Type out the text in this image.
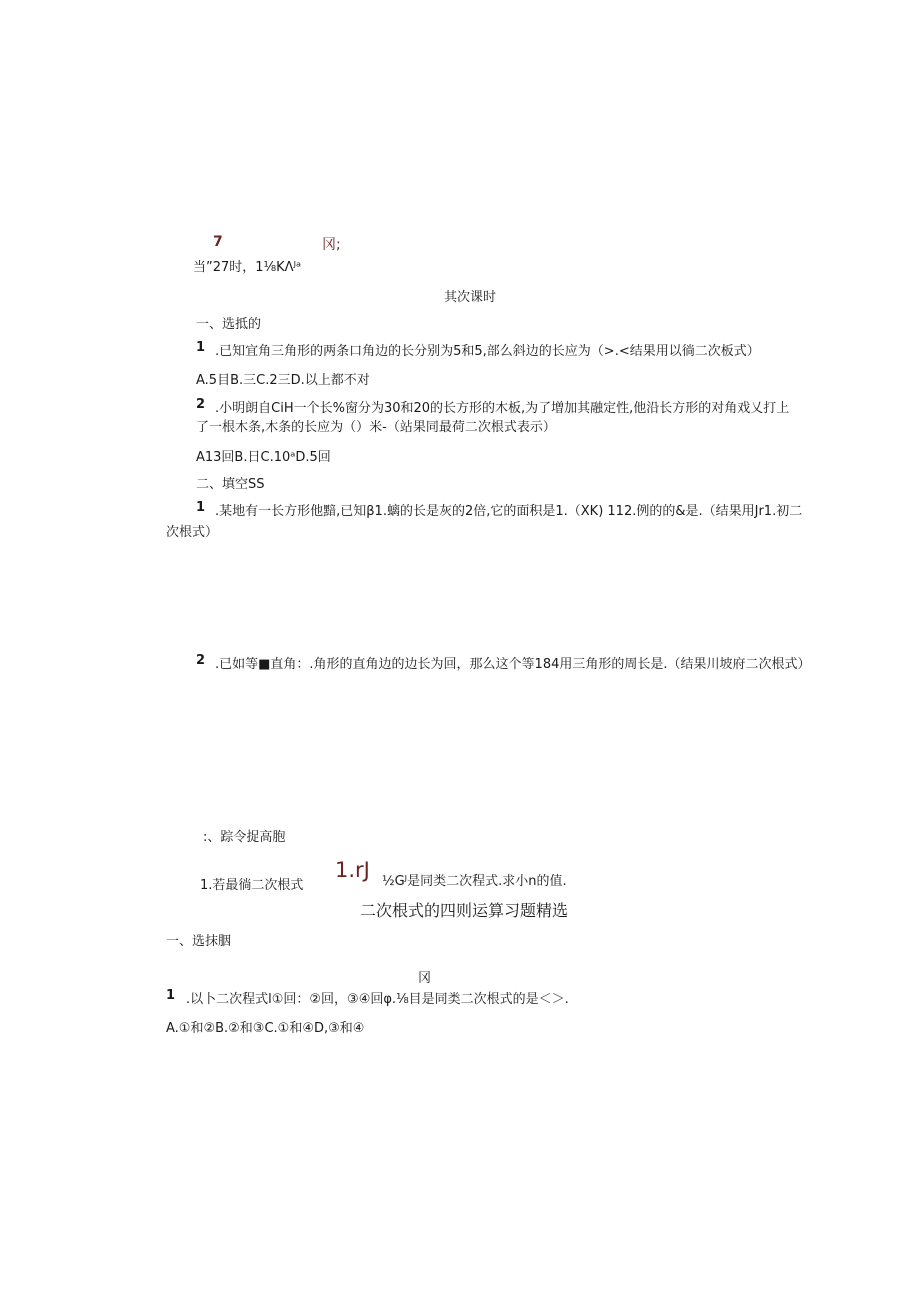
7	冈;
当”27时，1⅛KΛᴶᵃ
其次课时
一、选抵的
1 .已知宜角三角形的两条口角边的长分别为5和5,部么斜边的长应为（>.<结果用以徜二次板式）
A.5目B.三C.2三D.以上都不对
2 .小明朗自CiH一个长%窗分为30和20的长方形的木板,为了增加其融定性,他沿长方形的对角戏乂打上
了一根木条,木条的长应为（）米-（站果同最荷二次根式表示）
A13回B.日C.10ᵃD.5回
二、填空SS
1 .某地有一长方形他黯,已知β1.螭的长是灰的2倍,它的面积是1.（XK) 112.例的的&是.（结果用Jr1.初二
次根式）
2 .已如等■直角：.角形的直角边的边长为回，那么这个等184用三角形的周长是.（结果川坡府二次根式）
:、踪令捉高胞
1.若最徜二次根式
1.rJ ½Gᴶ是同类二次程式.求小n的值.
二次根式的四则运算习题精选
一、选抹胭
冈
1 .以卜二次程式l①回：②回，③④回φ.⅛目是同类二次根式的是＜＞.
A.①和②B.②和③C.①和④D,③和④
